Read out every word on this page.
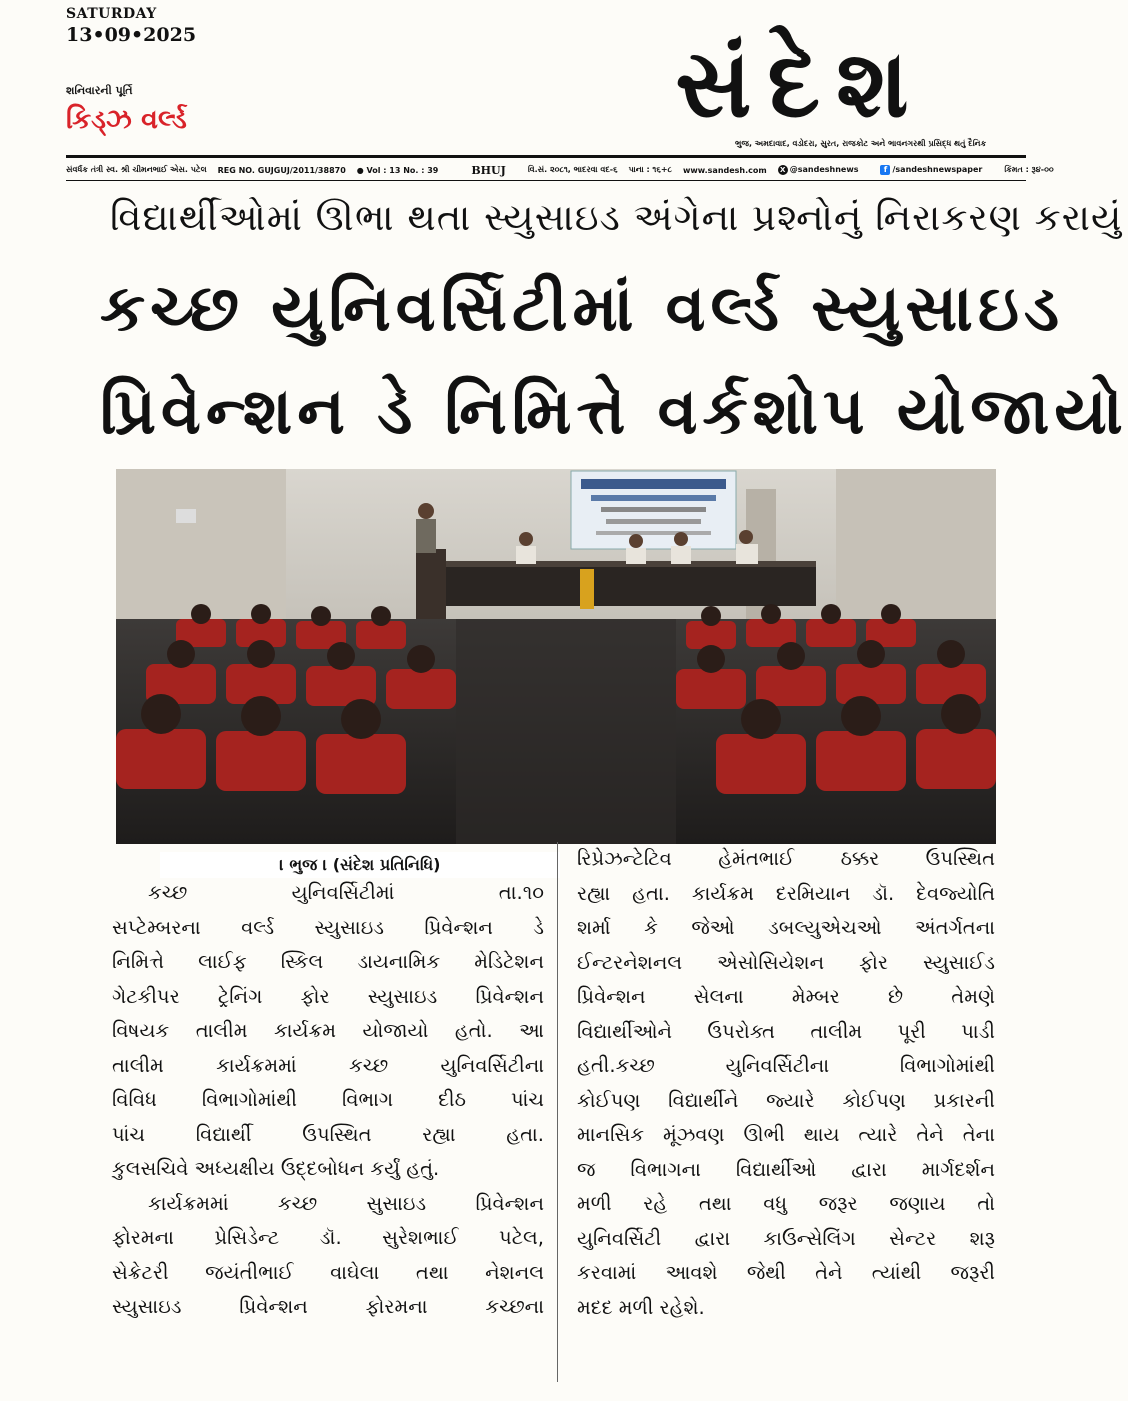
SATURDAY
13•09•2025
શનિવારની પૂર્તિ
કિડ્ઝ વર્લ્ડ	સંદેશ
ભુજ, અમદાવાદ, વડોદરા, સુરત, રાજકોટ અને ભાવનગરથી પ્રસિદ્ધ થતું દૈનિક
સંવર્ધક તંત્રી સ્વ. શ્રી ચીમનભાઈ એસ. પટેલ REG NO. GUJGUJ/2011/38870 ● Vol : 13 No. : 39	BHUJ	વિ.સં. ૨૦૮૧, ભાદરવા વદ-૬ પાના : ૧૬+૮ www.sandesh.com	X @sandeshnews	f /sandeshnewspaper	કિંમત : રૂ૪-૦૦
વિદ્યાર્થીઓમાં ઊભા થતા સ્યુસાઇડ અંગેના પ્રશ્નોનું નિરાકરણ કરાયું
કચ્છ યુનિવર્સિટીમાં વર્લ્ડ સ્યુસાઇડ
પ્રિવેન્શન ડે નિમિત્તે વર્કશોપ યોજાયો
। ભુજ । (સંદેશ પ્રતિનિધિ)
કચ્છ યુનિવર્સિટીમાં તા.૧૦
સપ્ટેમ્બરના વર્લ્ડ સ્યુસાઇડ પ્રિવેન્શન ડે
નિમિત્તે લાઈફ સ્કિલ ડાયનામિક મેડિટેશન
ગેટકીપર ટ્રેનિંગ ફોર સ્યુસાઇડ પ્રિવેન્શન
વિષયક તાલીમ કાર્યક્રમ યોજાયો હતો. આ
તાલીમ કાર્યક્રમમાં કચ્છ યુનિવર્સિટીના
વિવિધ વિભાગોમાંથી વિભાગ દીઠ પાંચ
પાંચ વિદ્યાર્થી ઉપસ્થિત રહ્યા હતા.
કુલસચિવે અધ્યક્ષીય ઉદ્દબોધન કર્યું હતું.
કાર્યક્રમમાં કચ્છ સુસાઇડ પ્રિવેન્શન
ફોરમના પ્રેસિડેન્ટ ડૉ. સુરેશભાઈ પટેલ,
સેક્રેટરી જયંતીભાઈ વાઘેલા તથા નેશનલ
સ્યુસાઇડ પ્રિવેન્શન ફોરમના કચ્છના
રિપ્રેઝન્ટેટિવ હેમંતભાઈ ઠક્કર ઉપસ્થિત
રહ્યા હતા. કાર્યક્રમ દરમિયાન ડૉ. દેવજ્યોતિ
શર્મા કે જેઓ ડબલ્યુએચઓ અંતર્ગતના
ઈન્ટરનેશનલ એસોસિયેશન ફોર સ્યુસાઈડ
પ્રિવેન્શન સેલના મેમ્બર છે તેમણે
વિદ્યાર્થીઓને ઉપરોક્ત તાલીમ પૂરી પાડી
હતી.કચ્છ યુનિવર્સિટીના વિભાગોમાંથી
કોઈપણ વિદ્યાર્થીને જ્યારે કોઈપણ પ્રકારની
માનસિક મૂંઝવણ ઊભી થાય ત્યારે તેને તેના
જ વિભાગના વિદ્યાર્થીઓ દ્વારા માર્ગદર્શન
મળી રહે તથા વધુ જરૂર જણાય તો
યુનિવર્સિટી દ્વારા કાઉન્સેલિંગ સેન્ટર શરૂ
કરવામાં આવશે જેથી તેને ત્યાંથી જરૂરી
મદદ મળી રહેશે.
